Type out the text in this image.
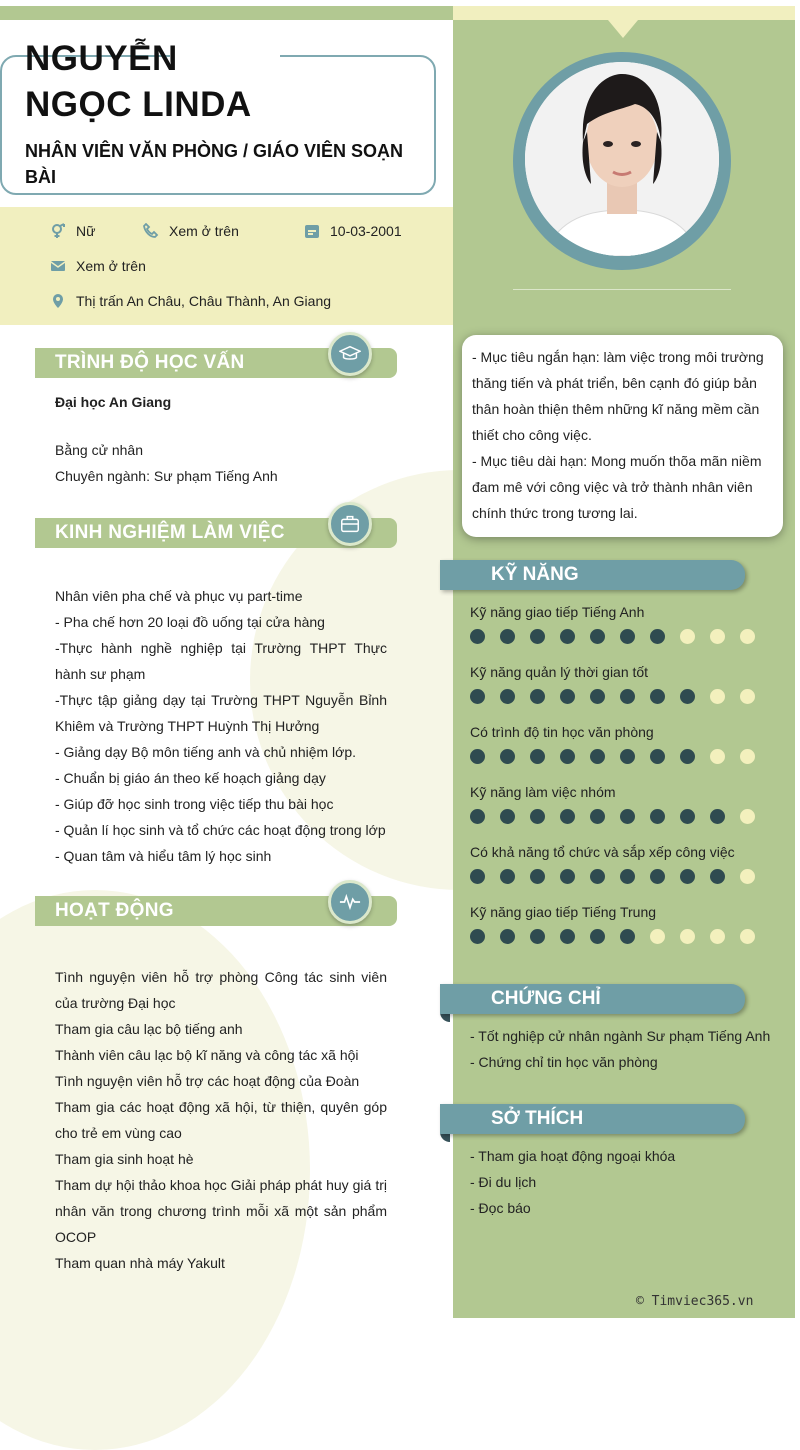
NGUYỄN
NGỌC LINDA
NHÂN VIÊN VĂN PHÒNG / GIÁO VIÊN SOẠN
BÀI
Nữ	Xem ở trên	10-03-2001
Xem ở trên
Thị trấn An Châu, Châu Thành, An Giang
TRÌNH ĐỘ HỌC VẤN

Đại học An Giang

Bằng cử nhân

Chuyên ngành: Sư phạm Tiếng Anh

KINH NGHIỆM LÀM VIỆC

Nhân viên pha chế và phục vụ part-time

- Pha chế hơn 20 loại đồ uống tại cửa hàng

-Thực hành nghề nghiệp tại Trường THPT Thực hành sư phạm

-Thực tập giảng dạy tại Trường THPT Nguyễn Bỉnh Khiêm và Trường THPT Huỳnh Thị Hưởng

- Giảng dạy Bộ môn tiếng anh và chủ nhiệm lớp.

- Chuẩn bị giáo án theo kế hoạch giảng dạy

- Giúp đỡ học sinh trong việc tiếp thu bài học

- Quản lí học sinh và tổ chức các hoạt động trong lớp

- Quan tâm và hiểu tâm lý học sinh

HOẠT ĐỘNG

Tình nguyện viên hỗ trợ phòng Công tác sinh viên của trường Đại học

Tham gia câu lạc bộ tiếng anh

Thành viên câu lạc bộ kĩ năng và công tác xã hội

Tình nguyện viên hỗ trợ các hoạt động của Đoàn

Tham gia các hoạt động xã hội, từ thiện, quyên góp cho trẻ em vùng cao

Tham gia sinh hoạt hè

Tham dự hội thảo khoa học Giải pháp phát huy giá trị nhân văn trong chương trình mỗi xã một sản phẩm OCOP

Tham quan nhà máy Yakult

- Mục tiêu ngắn hạn: làm việc trong môi trường thăng tiến và phát triển, bên cạnh đó giúp bản thân hoàn thiện thêm những kĩ năng mềm cần thiết cho công việc.

- Mục tiêu dài hạn: Mong muốn thõa mãn niềm đam mê với công việc và trở thành nhân viên chính thức trong tương lai.

KỸ NĂNG
Kỹ năng giao tiếp Tiếng Anh
Kỹ năng quản lý thời gian tốt
Có trình độ tin học văn phòng
Kỹ năng làm việc nhóm
Có khả năng tổ chức và sắp xếp công việc
Kỹ năng giao tiếp Tiếng Trung
CHỨNG CHỈ

- Tốt nghiệp cử nhân ngành Sư phạm Tiếng Anh

- Chứng chỉ tin học văn phòng

SỞ THÍCH

- Tham gia hoạt động ngoại khóa

- Đi du lịch

- Đọc báo

© Timviec365.vn
